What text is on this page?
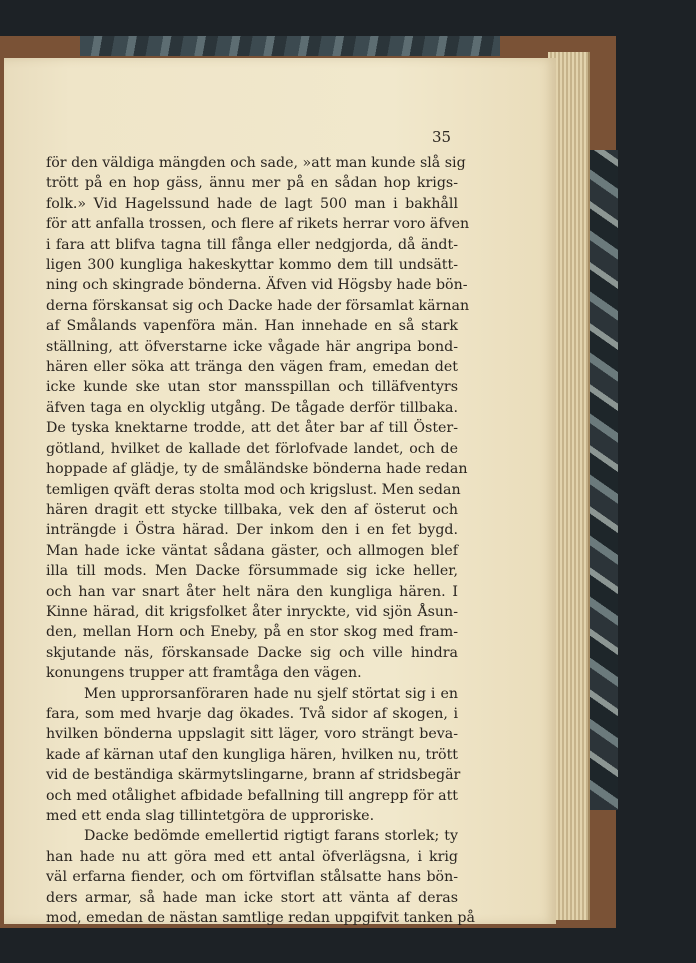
35
för den väldiga mängden och sade, »att man kunde slå sig
trött på en hop gäss, ännu mer på en sådan hop krigs-
folk.» Vid Hagelssund hade de lagt 500 man i bakhåll
för att anfalla trossen, och flere af rikets herrar voro äfven
i fara att blifva tagna till fånga eller nedgjorda, då ändt-
ligen 300 kungliga hakeskyttar kommo dem till undsätt-
ning och skingrade bönderna. Äfven vid Högsby hade bön-
derna förskansat sig och Dacke hade der församlat kärnan
af Smålands vapenföra män. Han innehade en så stark
ställning, att öfverstarne icke vågade här angripa bond-
hären eller söka att tränga den vägen fram, emedan det
icke kunde ske utan stor mansspillan och tilläfventyrs
äfven taga en olycklig utgång. De tågade derför tillbaka.
De tyska knektarne trodde, att det åter bar af till Öster-
götland, hvilket de kallade det förlofvade landet, och de
hoppade af glädje, ty de småländske bönderna hade redan
temligen qväft deras stolta mod och krigslust. Men sedan
hären dragit ett stycke tillbaka, vek den af österut och
inträngde i Östra härad. Der inkom den i en fet bygd.
Man hade icke väntat sådana gäster, och allmogen blef
illa till mods. Men Dacke försummade sig icke heller,
och han var snart åter helt nära den kungliga hären. I
Kinne härad, dit krigsfolket åter inryckte, vid sjön Åsun-
den, mellan Horn och Eneby, på en stor skog med fram-
skjutande näs, förskansade Dacke sig och ville hindra
konungens trupper att framtåga den vägen.
Men upprorsanföraren hade nu sjelf störtat sig i en
fara, som med hvarje dag ökades. Två sidor af skogen, i
hvilken bönderna uppslagit sitt läger, voro strängt beva-
kade af kärnan utaf den kungliga hären, hvilken nu, trött
vid de beständiga skärmytslingarne, brann af stridsbegär
och med otålighet afbidade befallning till angrepp för att
med ett enda slag tillintetgöra de upproriske.
Dacke bedömde emellertid rigtigt farans storlek; ty
han hade nu att göra med ett antal öfverlägsna, i krig
väl erfarna fiender, och om förtviflan stålsatte hans bön-
ders armar, så hade man icke stort att vänta af deras
mod, emedan de nästan samtlige redan uppgifvit tanken på
